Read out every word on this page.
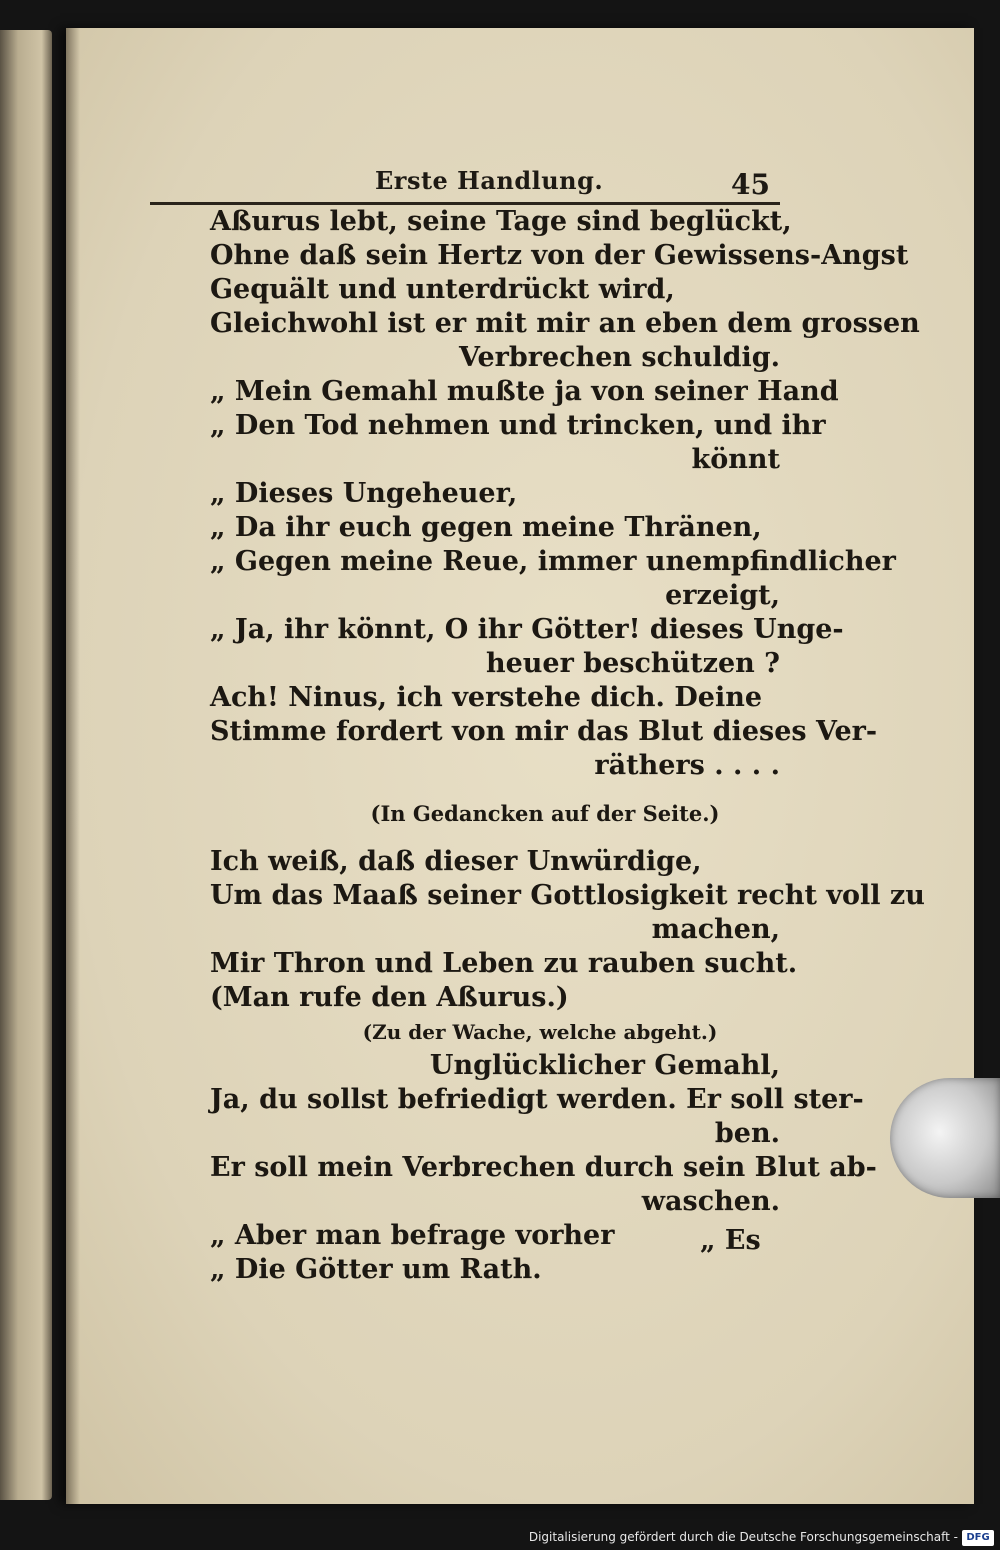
Erste Handlung.	45
Aßurus lebt, seine Tage sind beglückt,
Ohne daß sein Hertz von der Gewissens-Angst
Gequält und unterdrückt wird,
Gleichwohl ist er mit mir an eben dem grossen
Verbrechen schuldig.
„ Mein Gemahl mußte ja von seiner Hand
„ Den Tod nehmen und trincken, und ihr
könnt
„ Dieses Ungeheuer,
„ Da ihr euch gegen meine Thränen,
„ Gegen meine Reue, immer unempfindlicher
erzeigt,
„ Ja, ihr könnt, O ihr Götter! dieses Unge-
heuer beschützen ?
Ach! Ninus, ich verstehe dich. Deine
Stimme fordert von mir das Blut dieses Ver-
räthers . . . .
(In Gedancken auf der Seite.)
Ich weiß, daß dieser Unwürdige,
Um das Maaß seiner Gottlosigkeit recht voll zu
machen,
Mir Thron und Leben zu rauben sucht.
(Man rufe den Aßurus.)
(Zu der Wache, welche abgeht.)
Unglücklicher Gemahl,
Ja, du sollst befriedigt werden. Er soll ster-
ben.
Er soll mein Verbrechen durch sein Blut ab-
waschen.
„ Aber man befrage vorher
„ Die Götter um Rath.
„ Es
Digitalisierung gefördert durch die Deutsche Forschungsgemeinschaft - DFG
